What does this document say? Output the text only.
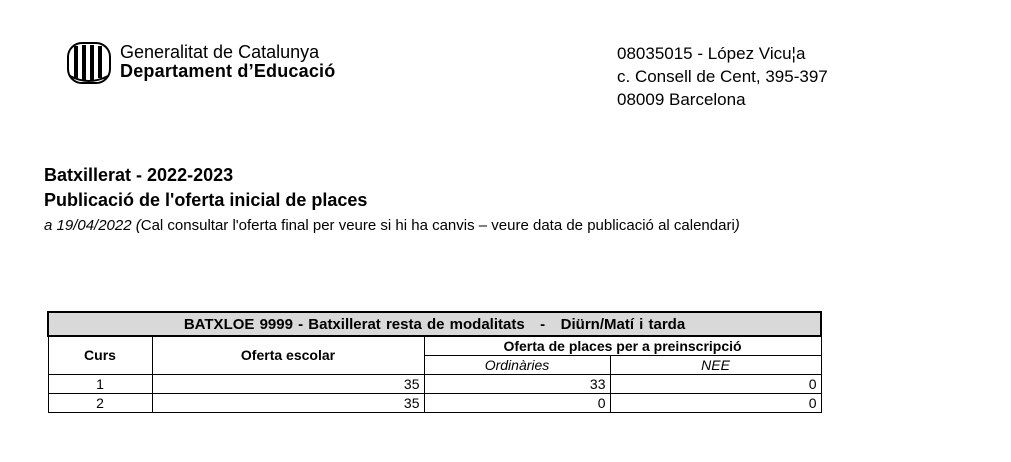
Generalitat de Catalunya
Departament d’Educació
08035015 - López Vicu¦a
c. Consell de Cent, 395-397
08009 Barcelona
Batxillerat - 2022-2023
Publicació de l'oferta inicial de places
a 19/04/2022 (Cal consultar l'oferta final per veure si hi ha canvis – veure data de publicació al calendari)
BATXLOE 9999 - Batxillerat resta de modalitats   -   Diürn/Matí i tarda			
Curs	Oferta escolar	Oferta de places per a preinscripció	
		Ordinàries	NEE
1	35	33	0
2	35	0	0
